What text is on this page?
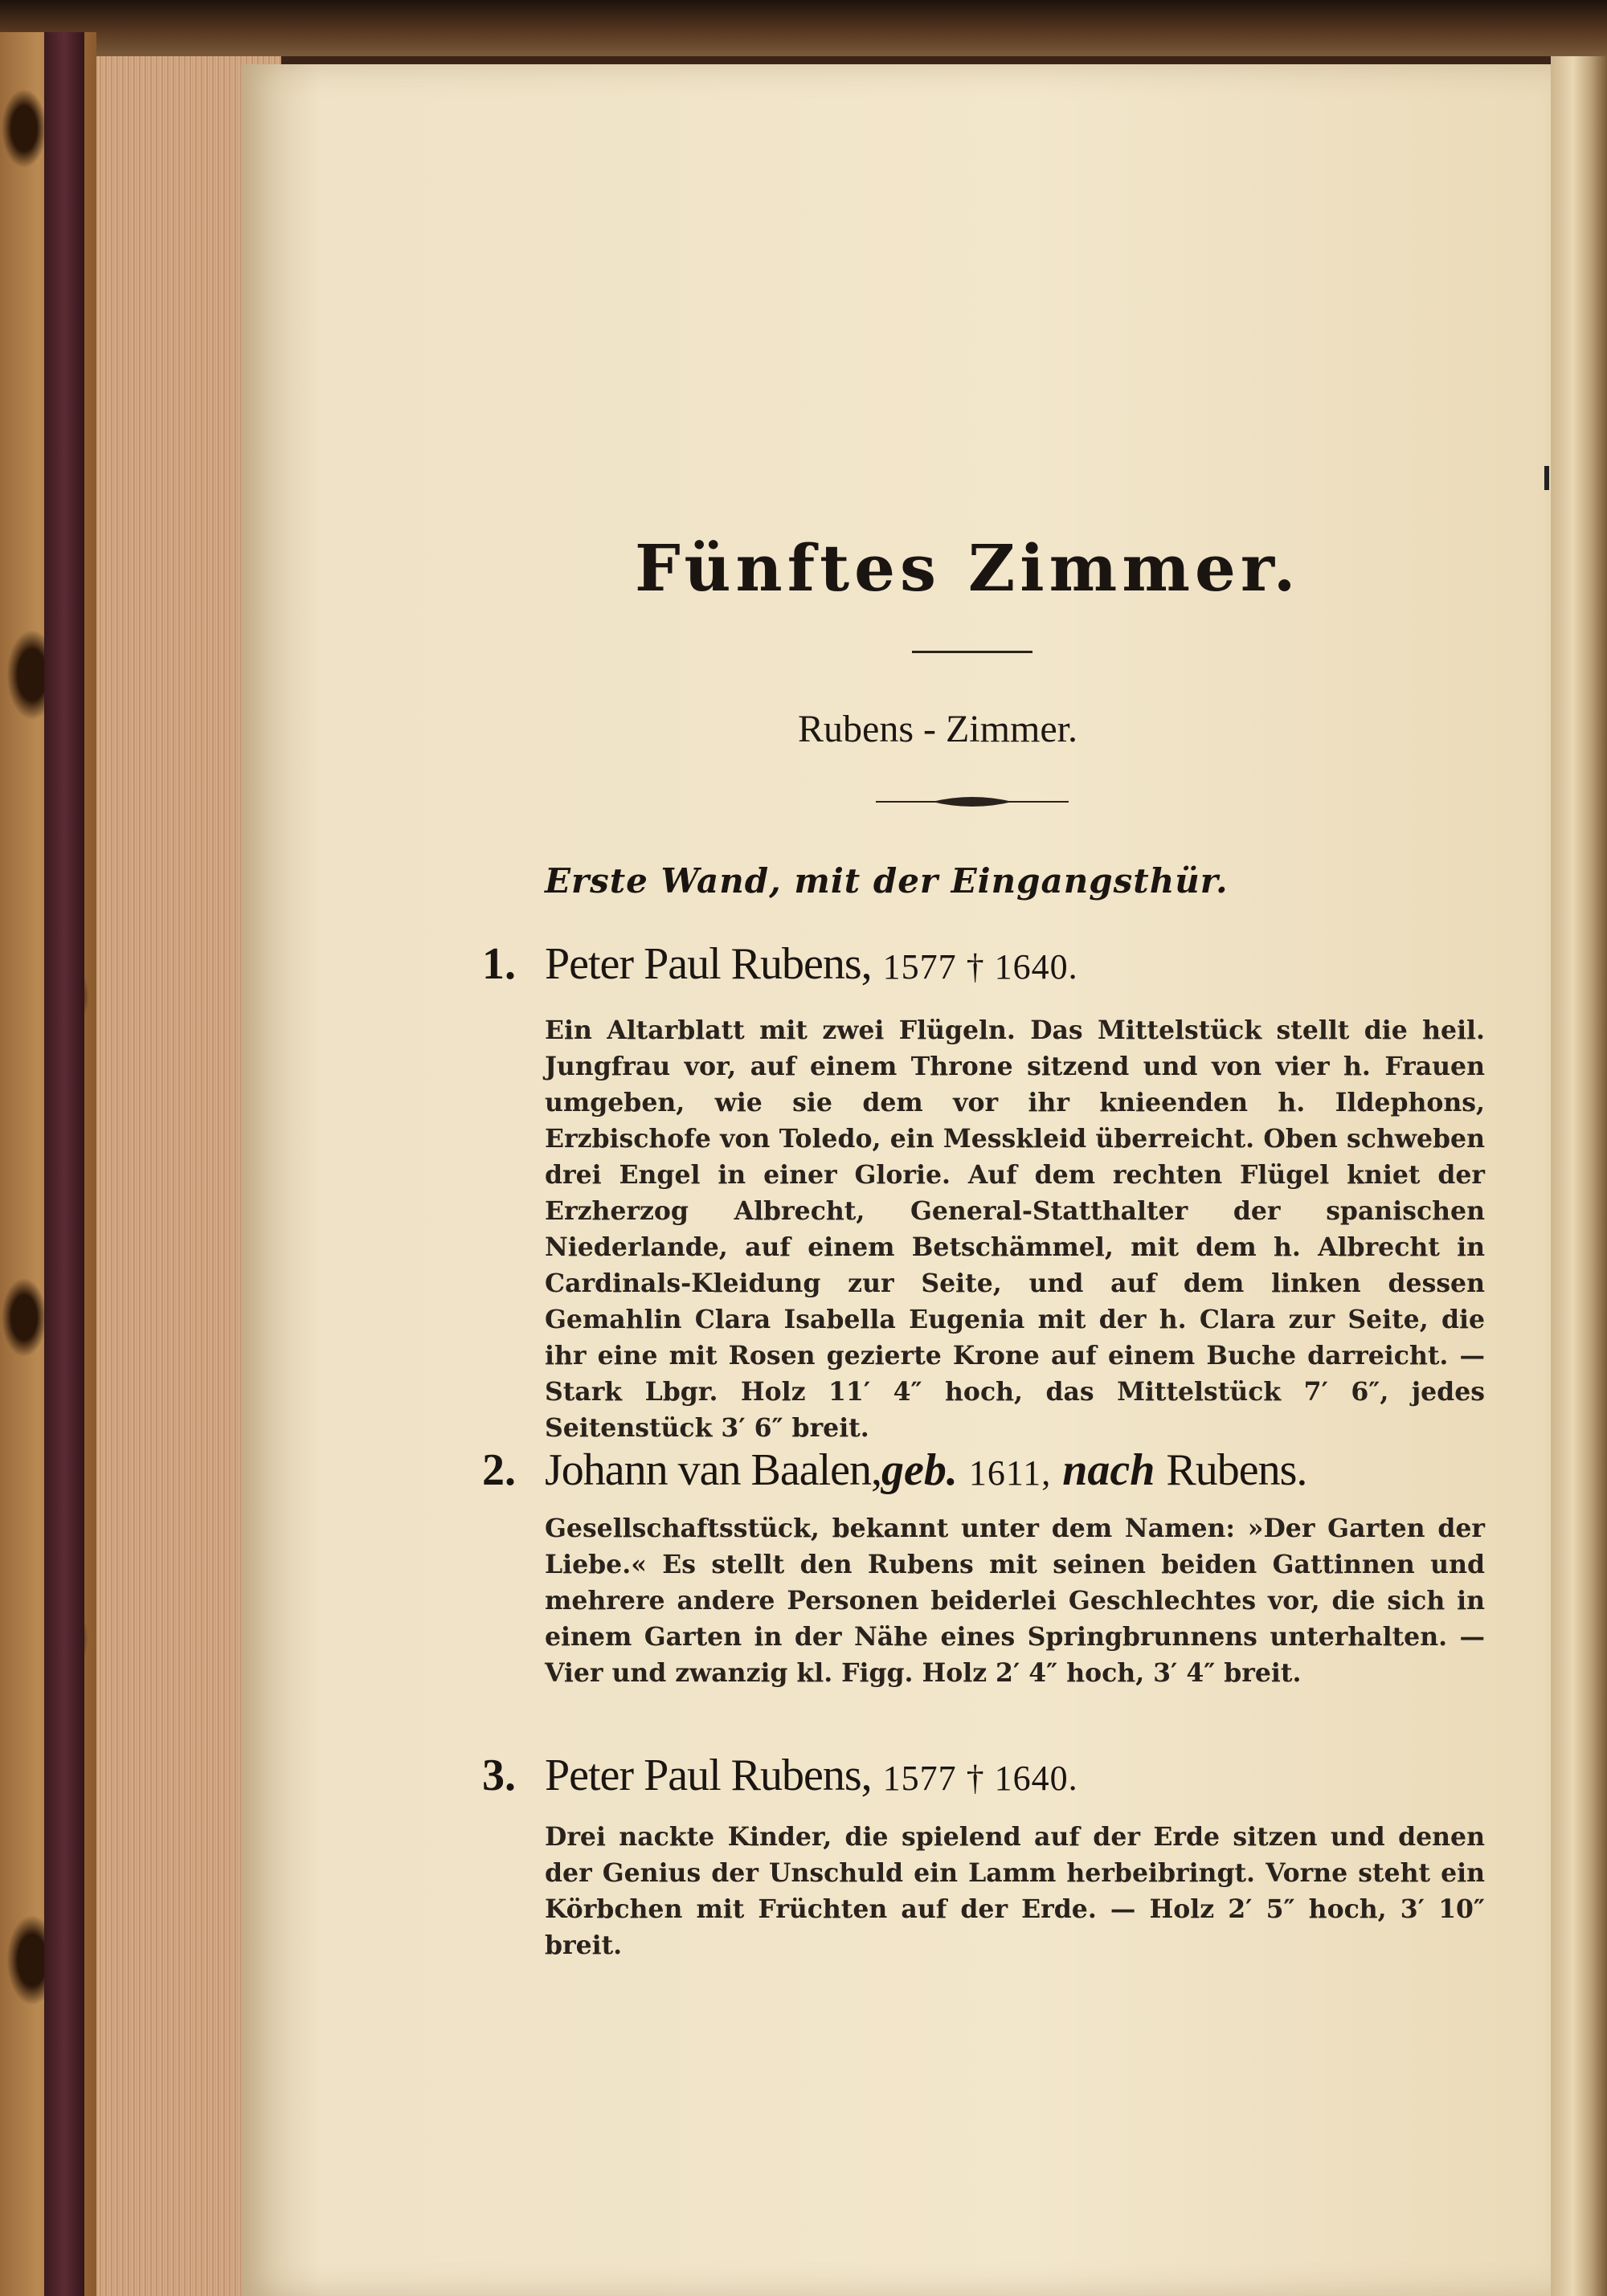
Fünftes Zimmer.
Rubens - Zimmer.
Erste Wand, mit der Eingangsthür.
1. Peter Paul Rubens, 1577 † 1640.
Ein Altarblatt mit zwei Flügeln. Das Mittelstück stellt die heil. Jungfrau vor, auf einem Throne sitzend und von vier h. Frauen umgeben, wie sie dem vor ihr knieenden h. Ildephons, Erzbischofe von Toledo, ein Messkleid überreicht. Oben schweben drei Engel in einer Glorie. Auf dem rechten Flügel kniet der Erzherzog Albrecht, General-Statthalter der spanischen Niederlande, auf einem Betschämmel, mit dem h. Albrecht in Cardinals-Kleidung zur Seite, und auf dem linken dessen Gemahlin Clara Isabella Eugenia mit der h. Clara zur Seite, die ihr eine mit Rosen gezierte Krone auf einem Buche darreicht. — Stark Lbgr. Holz 11′ 4″ hoch, das Mittelstück 7′ 6″, jedes Seitenstück 3′ 6″ breit.
2. Johann van Baalen,geb. 1611, nach Rubens.
Gesellschaftsstück, bekannt unter dem Namen: »Der Garten der Liebe.« Es stellt den Rubens mit seinen beiden Gattinnen und mehrere andere Personen beiderlei Geschlechtes vor, die sich in einem Garten in der Nähe eines Springbrunnens unterhalten. — Vier und zwanzig kl. Figg. Holz 2′ 4″ hoch, 3′ 4″ breit.
3. Peter Paul Rubens, 1577 † 1640.
Drei nackte Kinder, die spielend auf der Erde sitzen und denen der Genius der Unschuld ein Lamm herbeibringt. Vorne steht ein Körbchen mit Früchten auf der Erde. — Holz 2′ 5″ hoch, 3′ 10″ breit.
